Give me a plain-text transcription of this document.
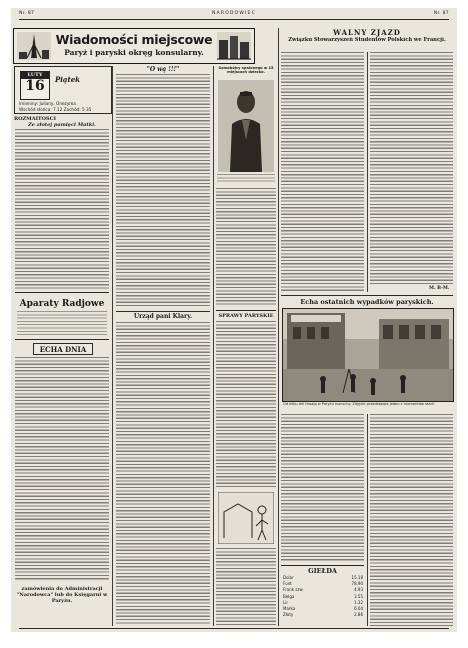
Nr. 87	NARODOWIEC	Nr. 87
Wiadomości miejscowe
Paryż i paryski okręg konsularny.
LUTY
16	Piątek
Imieniny: Juliany, Onezyma
Wschód słońca: 7.12 Zachód: 5.35
ROZMAITOŚCI
Ze złotej pamięci Matki.
Aparaty Radjowe
ECHA DNIA
zamówienia do Administracji "Narodowca" lub do Księgarni w Paryżu.
"O wą !!!"
Urząd pani Klary.
Samobójcy spalonego w 15 miejscach dziecko.
SPRAWY PARYSKIE
WALNY ZJAZD
Związku Stowarzyszeń Studentów Polskich we Francji.
M. B-M.
Echa ostatnich wypadków paryskich.
Od kilku dni trwają w Paryżu rozruchy. Zdjęcie przedstawia jeden z momentów starć.
GIEŁDA
Dolar	15.18
Funt	78.90
Frank szw.	4.93
Belga	3.55
Lir	1.32
Marka	6.04
Złoty	2.86
